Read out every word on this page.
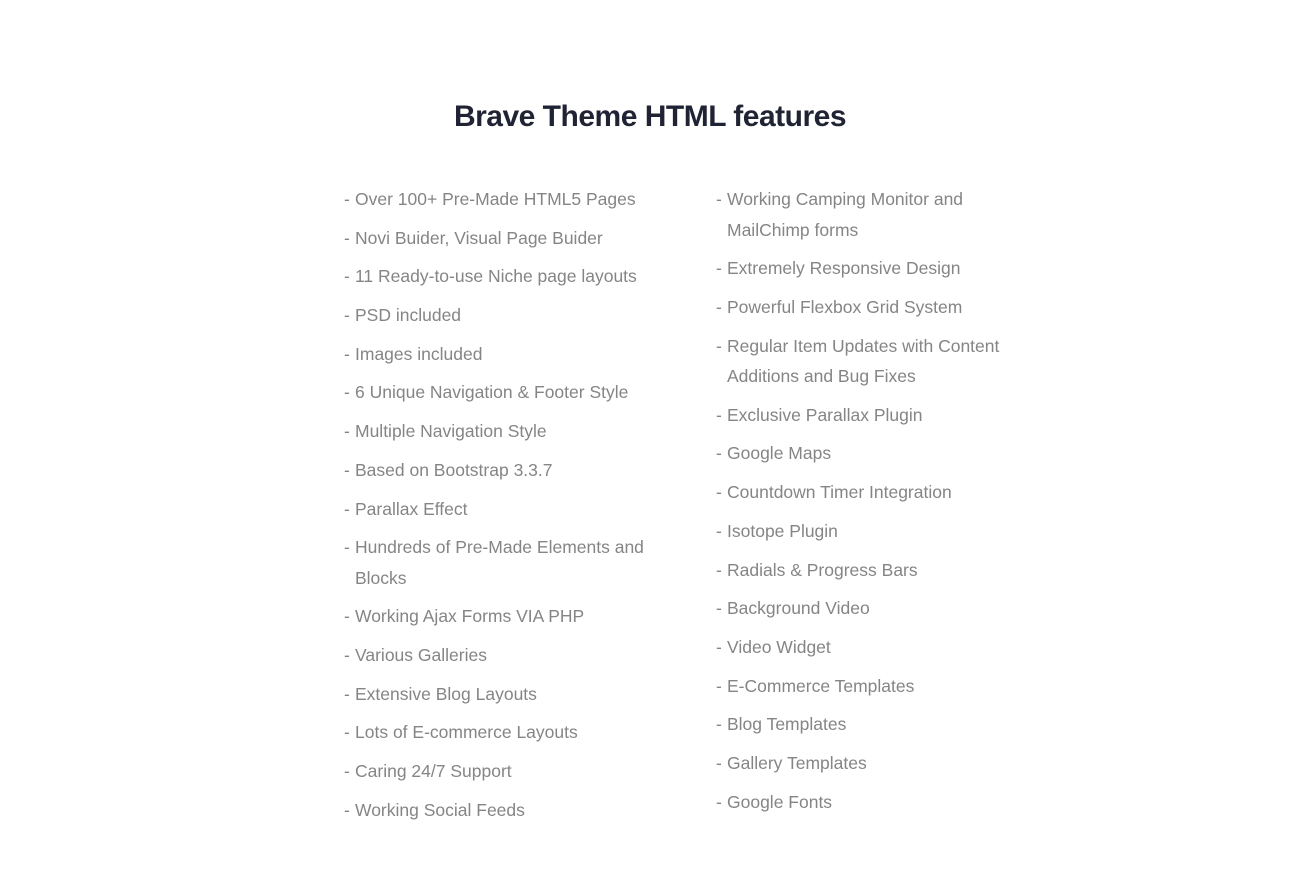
Brave Theme HTML features
- Over 100+ Pre-Made HTML5 Pages
- Novi Buider, Visual Page Buider
- 11 Ready-to-use Niche page layouts
- PSD included
- Images included
- 6 Unique Navigation & Footer Style
- Multiple Navigation Style
- Based on Bootstrap 3.3.7
- Parallax Effect
- Hundreds of Pre-Made Elements and Blocks
- Working Ajax Forms VIA PHP
- Various Galleries
- Extensive Blog Layouts
- Lots of E-commerce Layouts
- Caring 24/7 Support
- Working Social Feeds
- Working Camping Monitor and MailChimp forms
- Extremely Responsive Design
- Powerful Flexbox Grid System
- Regular Item Updates with Content Additions and Bug Fixes
- Exclusive Parallax Plugin
- Google Maps
- Countdown Timer Integration
- Isotope Plugin
- Radials & Progress Bars
- Background Video
- Video Widget
- E-Commerce Templates
- Blog Templates
- Gallery Templates
- Google Fonts
